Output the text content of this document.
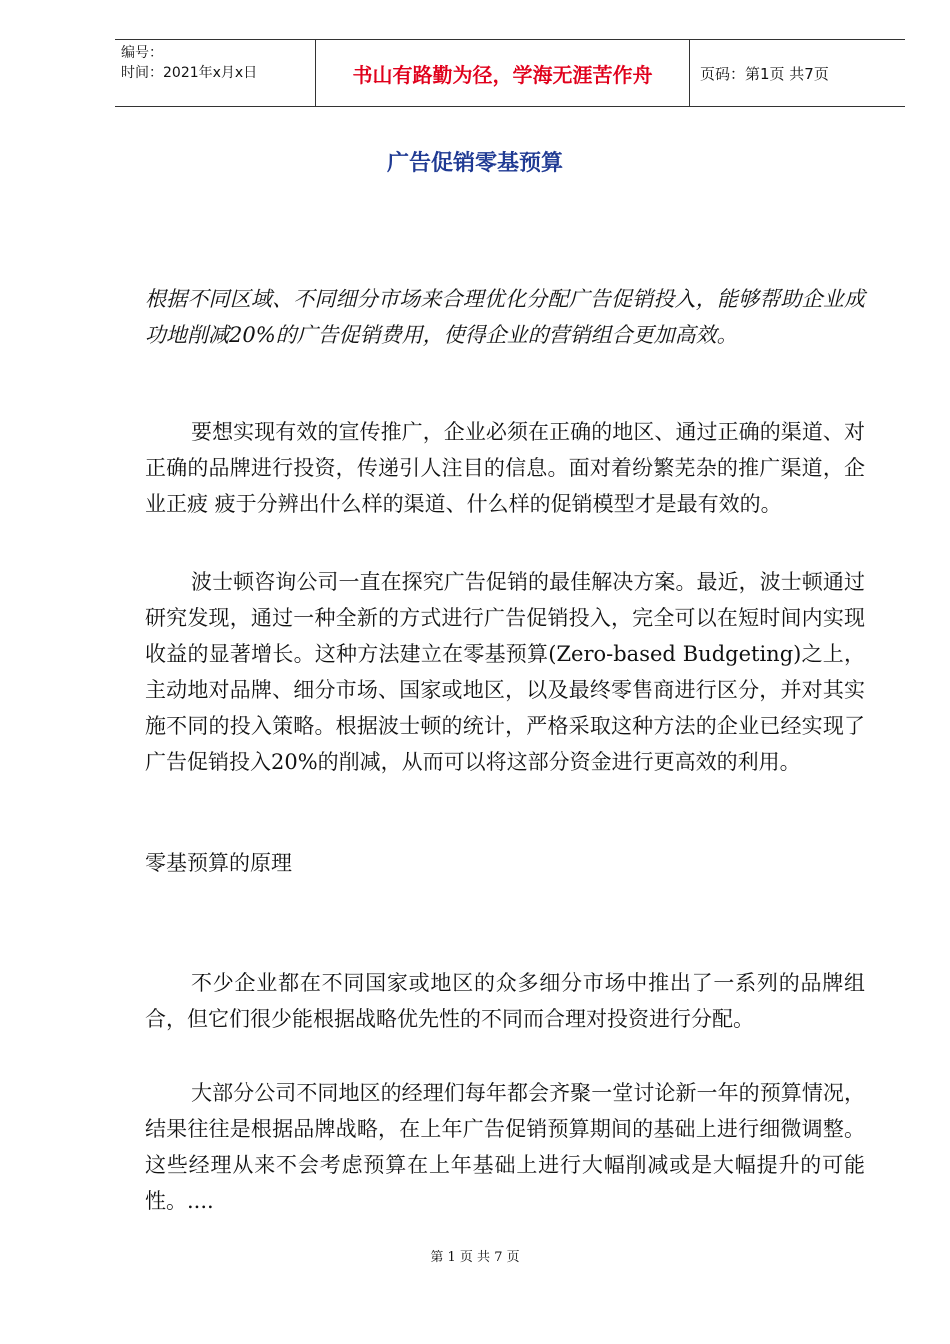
编号：
时间：2021年x月x日	书山有路勤为径，学海无涯苦作舟	页码：第1页 共7页
广告促销零基预算

根据不同区域、不同细分市场来合理优化分配广告促销投入，能够帮助企业成功地削减20%的广告促销费用，使得企业的营销组合更加高效。

要想实现有效的宣传推广，企业必须在正确的地区、通过正确的渠道、对正确的品牌进行投资，传递引人注目的信息。面对着纷繁芜杂的推广渠道，企业正疲 疲于分辨出什么样的渠道、什么样的促销模型才是最有效的。

波士顿咨询公司一直在探究广告促销的最佳解决方案。最近，波士顿通过研究发现，通过一种全新的方式进行广告促销投入，完全可以在短时间内实现收益的显著增长。这种方法建立在零基预算(Zero-based Budgeting)之上，主动地对品牌、细分市场、国家或地区，以及最终零售商进行区分，并对其实施不同的投入策略。根据波士顿的统计，严格采取这种方法的企业已经实现了广告促销投入20%的削减，从而可以将这部分资金进行更高效的利用。

零基预算的原理

不少企业都在不同国家或地区的众多细分市场中推出了一系列的品牌组合，但它们很少能根据战略优先性的不同而合理对投资进行分配。

大部分公司不同地区的经理们每年都会齐聚一堂讨论新一年的预算情况，结果往往是根据品牌战略，在上年广告促销预算期间的基础上进行细微调整。这些经理从来不会考虑预算在上年基础上进行大幅削减或是大幅提升的可能性。....

第 1 页 共 7 页
